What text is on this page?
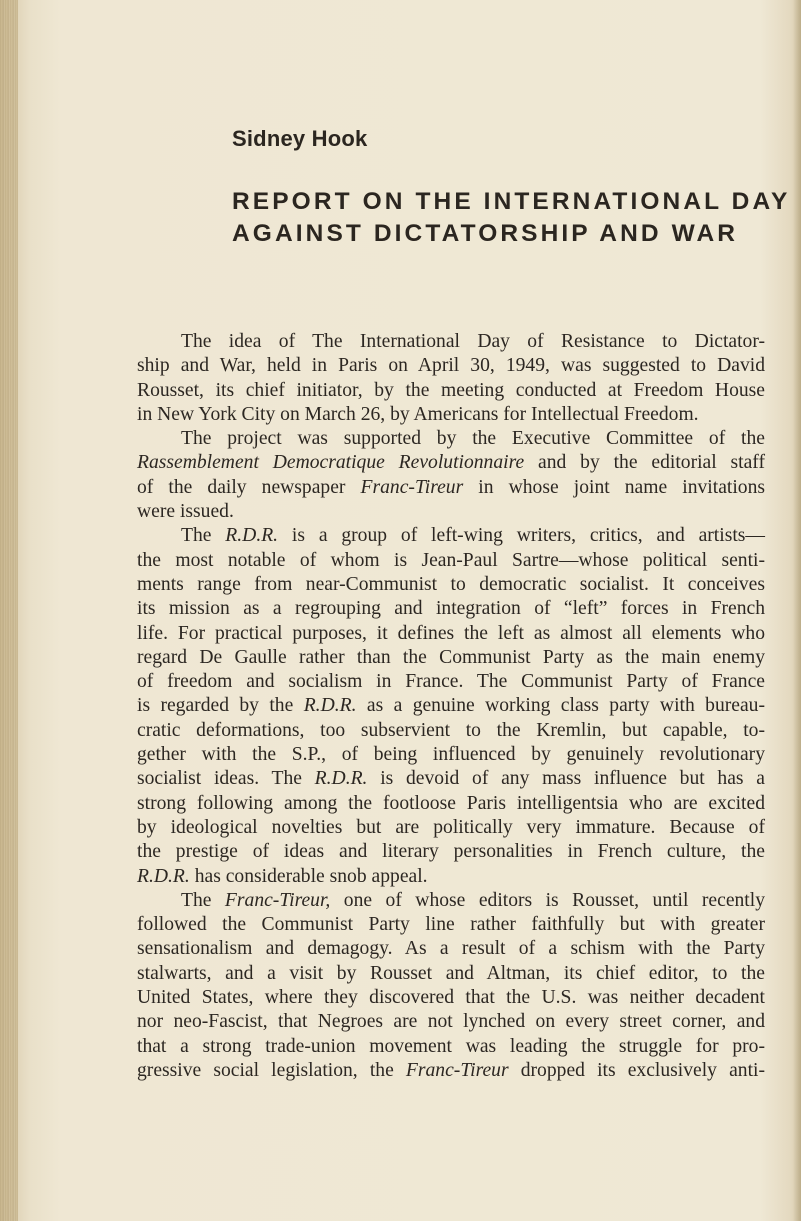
Sidney Hook
REPORT ON THE INTERNATIONAL DAY
AGAINST DICTATORSHIP AND WAR
The idea of The International Day of Resistance to Dictator-
ship and War, held in Paris on April 30, 1949, was suggested to David
Rousset, its chief initiator, by the meeting conducted at Freedom House
in New York City on March 26, by Americans for Intellectual Freedom.
The project was supported by the Executive Committee of the
Rassemblement Democratique Revolutionnaire and by the editorial staff
of the daily newspaper Franc-Tireur in whose joint name invitations
were issued.
The R.D.R. is a group of left-wing writers, critics, and artists—
the most notable of whom is Jean-Paul Sartre—whose political senti-
ments range from near-Communist to democratic socialist. It conceives
its mission as a regrouping and integration of “left” forces in French
life. For practical purposes, it defines the left as almost all elements who
regard De Gaulle rather than the Communist Party as the main enemy
of freedom and socialism in France. The Communist Party of France
is regarded by the R.D.R. as a genuine working class party with bureau-
cratic deformations, too subservient to the Kremlin, but capable, to-
gether with the S.P., of being influenced by genuinely revolutionary
socialist ideas. The R.D.R. is devoid of any mass influence but has a
strong following among the footloose Paris intelligentsia who are excited
by ideological novelties but are politically very immature. Because of
the prestige of ideas and literary personalities in French culture, the
R.D.R. has considerable snob appeal.
The Franc-Tireur, one of whose editors is Rousset, until recently
followed the Communist Party line rather faithfully but with greater
sensationalism and demagogy. As a result of a schism with the Party
stalwarts, and a visit by Rousset and Altman, its chief editor, to the
United States, where they discovered that the U.S. was neither decadent
nor neo-Fascist, that Negroes are not lynched on every street corner, and
that a strong trade-union movement was leading the struggle for pro-
gressive social legislation, the Franc-Tireur dropped its exclusively anti-
